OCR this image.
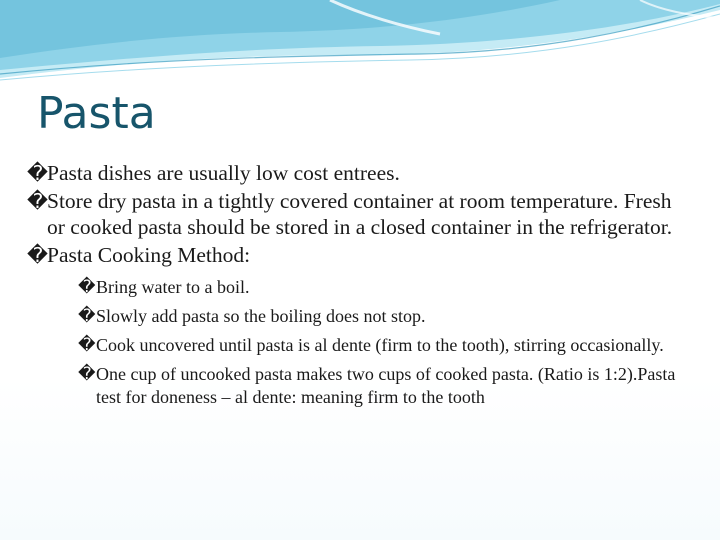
Pasta
� Pasta dishes are usually low cost entrees.
� Store dry pasta in a tightly covered container at room temperature. Fresh or cooked pasta should be stored in a closed container in the refrigerator.
� Pasta Cooking Method:
� Bring water to a boil.
� Slowly add pasta so the boiling does not stop.
� Cook uncovered until pasta is al dente (firm to the tooth), stirring occasionally.
� One cup of uncooked pasta makes two cups of cooked pasta. (Ratio is 1:2).Pasta test for doneness – al dente: meaning firm to the tooth
